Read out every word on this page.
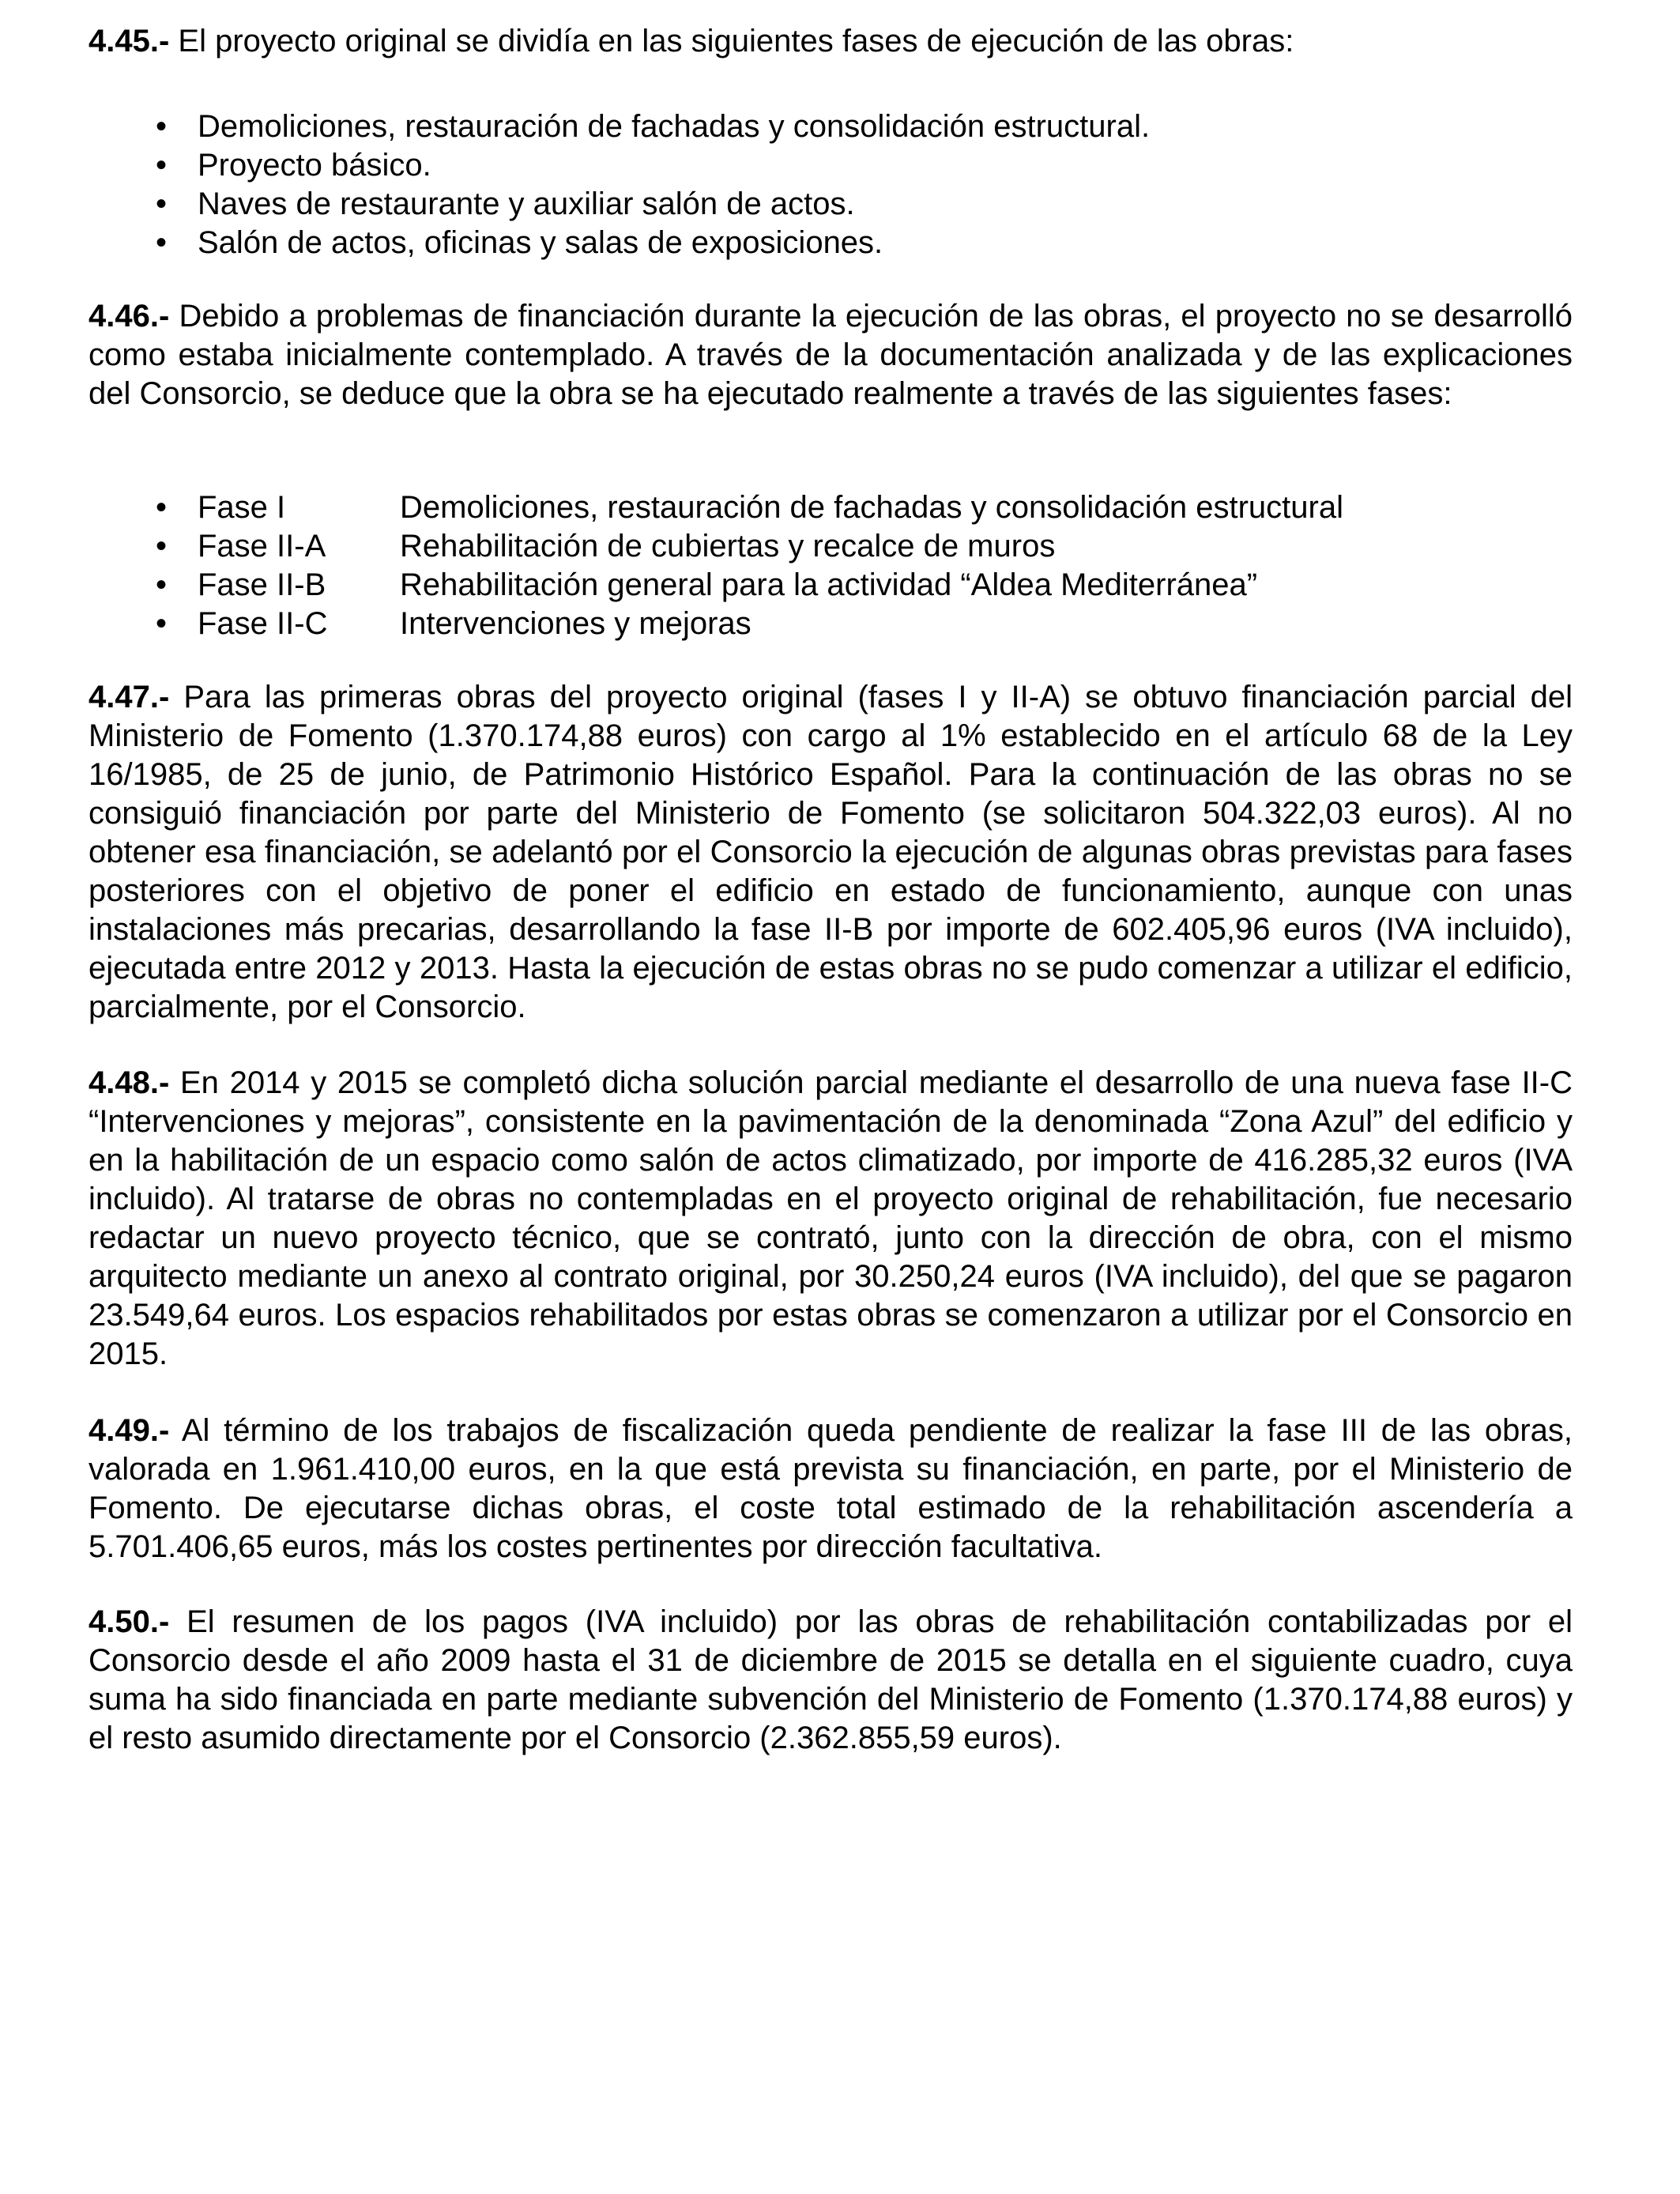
4.45.- El proyecto original se dividía en las siguientes fases de ejecución de las obras:

• Demoliciones, restauración de fachadas y consolidación estructural.
• Proyecto básico.
• Naves de restaurante y auxiliar salón de actos.
• Salón de actos, oficinas y salas de exposiciones.

4.46.- Debido a problemas de financiación durante la ejecución de las obras, el proyecto no se desarrolló como estaba inicialmente contemplado. A través de la documentación analizada y de las explicaciones del Consorcio, se deduce que la obra se ha ejecutado realmente a través de las siguientes fases:

• Fase I	Demoliciones, restauración de fachadas y consolidación estructural
• Fase II-A Rehabilitación de cubiertas y recalce de muros
• Fase II-B Rehabilitación general para la actividad “Aldea Mediterránea”
• Fase II-C Intervenciones y mejoras

4.47.- Para las primeras obras del proyecto original (fases I y II-A) se obtuvo financiación parcial del Ministerio de Fomento (1.370.174,88 euros) con cargo al 1% establecido en el artículo 68 de la Ley 16/1985, de 25 de junio, de Patrimonio Histórico Español. Para la continuación de las obras no se consiguió financiación por parte del Ministerio de Fomento (se solicitaron 504.322,03 euros). Al no obtener esa financiación, se adelantó por el Consorcio la ejecución de algunas obras previstas para fases posteriores con el objetivo de poner el edificio en estado de funcionamiento, aunque con unas instalaciones más precarias, desarrollando la fase II-B por importe de 602.405,96 euros (IVA incluido), ejecutada entre 2012 y 2013. Hasta la ejecución de estas obras no se pudo comenzar a utilizar el edificio, parcialmente, por el Consorcio.

4.48.- En 2014 y 2015 se completó dicha solución parcial mediante el desarrollo de una nueva fase II-C “Intervenciones y mejoras”, consistente en la pavimentación de la denominada “Zona Azul” del edificio y en la habilitación de un espacio como salón de actos climatizado, por importe de 416.285,32 euros (IVA incluido). Al tratarse de obras no contempladas en el proyecto original de rehabilitación, fue necesario redactar un nuevo proyecto técnico, que se contrató, junto con la dirección de obra, con el mismo arquitecto mediante un anexo al contrato original, por 30.250,24 euros (IVA incluido), del que se pagaron 23.549,64 euros. Los espacios rehabilitados por estas obras se comenzaron a utilizar por el Consorcio en 2015.

4.49.- Al término de los trabajos de fiscalización queda pendiente de realizar la fase III de las obras, valorada en 1.961.410,00 euros, en la que está prevista su financiación, en parte, por el Ministerio de Fomento. De ejecutarse dichas obras, el coste total estimado de la rehabilitación ascendería a 5.701.406,65 euros, más los costes pertinentes por dirección facultativa.

4.50.- El resumen de los pagos (IVA incluido) por las obras de rehabilitación contabilizadas por el Consorcio desde el año 2009 hasta el 31 de diciembre de 2015 se detalla en el siguiente cuadro, cuya suma ha sido financiada en parte mediante subvención del Ministerio de Fomento (1.370.174,88 euros) y el resto asumido directamente por el Consorcio (2.362.855,59 euros).
